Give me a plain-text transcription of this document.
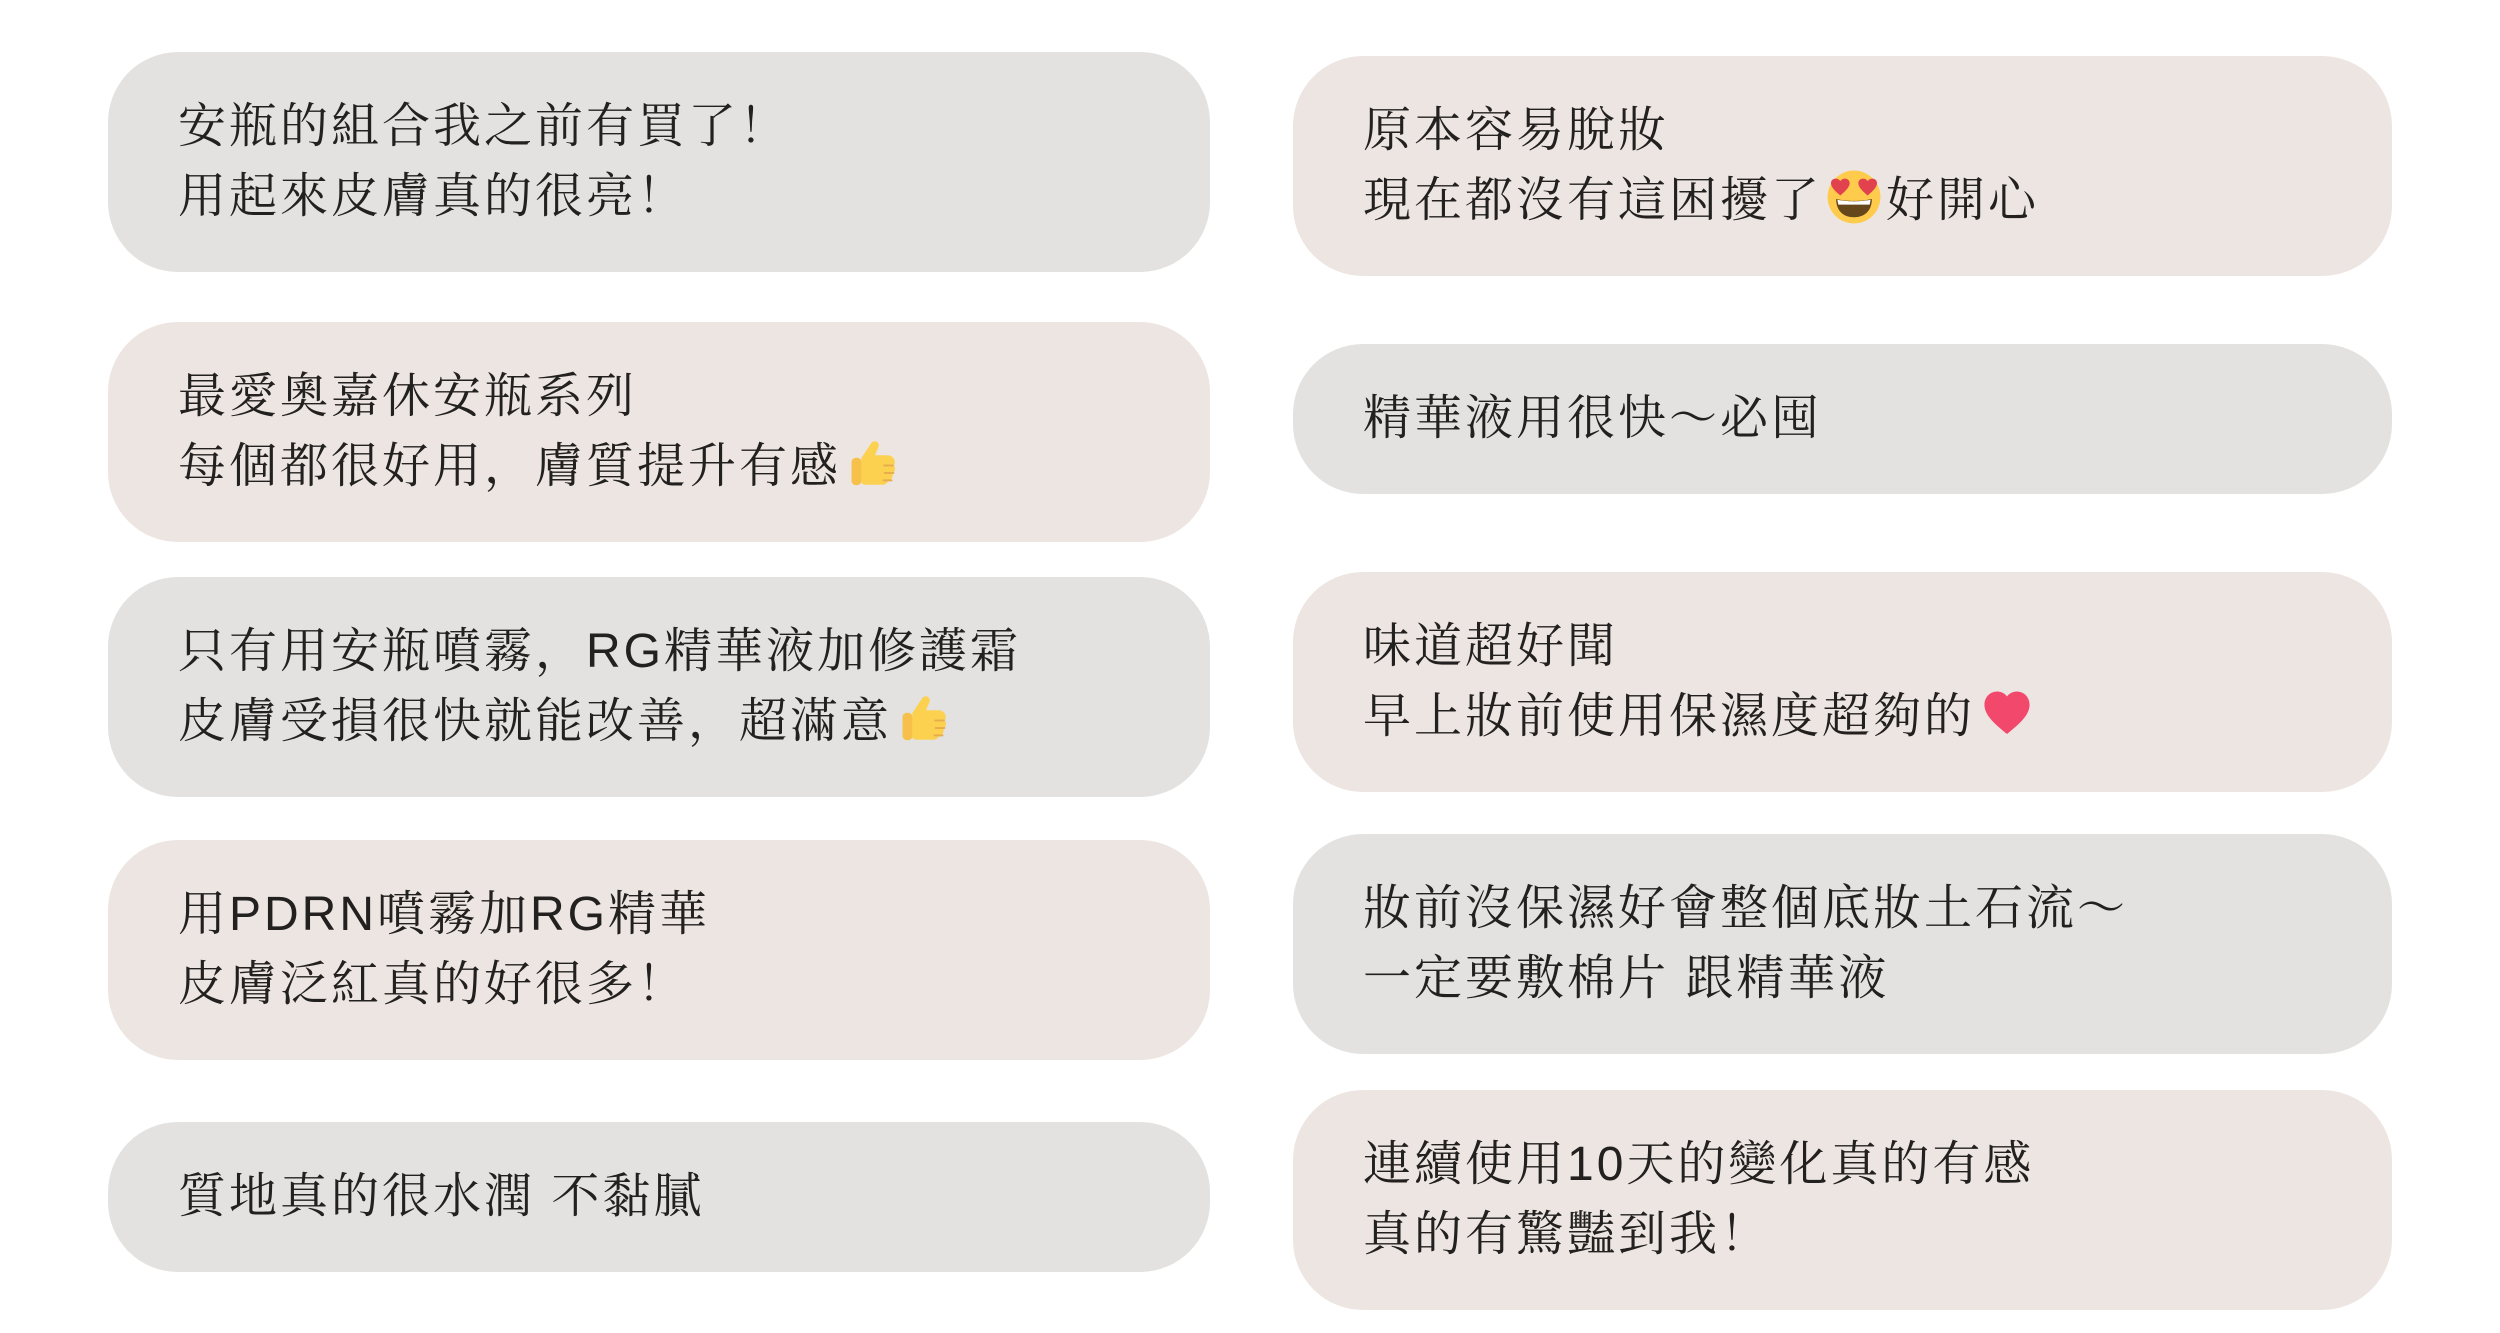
安瓶的組合我之前有買了！

用起來皮膚真的很亮！

最愛奧嘉休安瓶系列

每個都很好用，膚質提升有感

只有用安瓶噴霧，RG精華液加修護霜

皮膚受損很快就能改善，超滿意

用PDRN噴霧加RG精華

皮膚泛紅真的好很多！

質地真的很水潤 不黏膩

原本容易脫妝

現在都沒有這困擾了 好開心

精華液用很快～必囤

味道超好聞

早上妝前使用保濕度超夠的

妝前沒保濕好會整個底妝土石流～

一定要敷棉片 跟精華液

連續使用10天的變化真的有感

真的有驚豔到我！
